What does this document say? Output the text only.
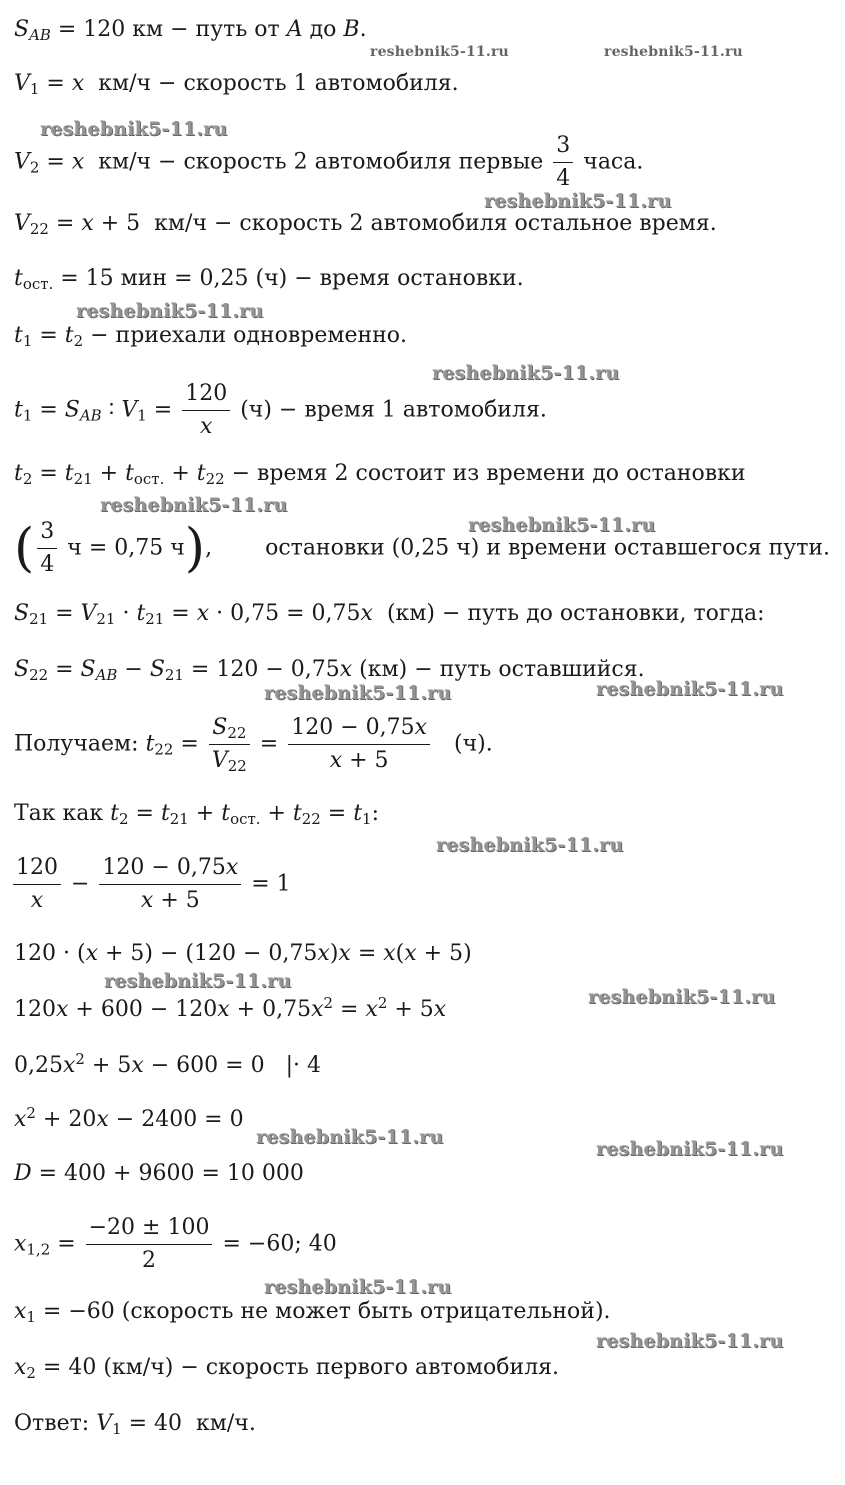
$S_{AB} = 120$ км − путь от A до B.
$V_1 = x$  км/ч − скорость 1 автомобиля.
$V_2 = x$  км/ч − скорость 2 автомобиля первые $\frac{3}{4}$ часа.
$V_{22} = x + 5$  км/ч − скорость 2 автомобиля остальное время.
$t_{ост.} = 15$ мин = 0,25 (ч) − время остановки.
$t_1 = t_2$ − приехали одновременно.
$t_1 = S_{AB}$ ∶ $V_1 = \frac{120}{x} (ч)$ − время 1 автомобиля.
$t_2 = t_{21} + t_{ост.} + t_{22}$ − время 2 состоит из времени до остановки
( $\frac{3}{4}$ ч = 0,75 ч), остановки (0,25 ч) и времени оставшегося пути.
$S_{21} = V_{21} \cdot t_{21} = x \cdot 0,75 = 0,75x$  (км) − путь до остановки, тогда:
$S_{22} = S_{AB} - S_{21} = 120 - 0,75x$ (км) − путь оставшийся.
Получаем: $t_{22} = \frac{S_{22}}{V_{22}} = \frac{120 - 0,75x}{x + 5} (ч)$.
Так как $t_2 = t_{21} + t_{ост.} + t_{22} = t_1$:
$\frac{120}{x} - \frac{120 - 0,75x}{x + 5} = 1$
120 · (x + 5) − (120 − 0,75x)x = x(x + 5)
$120x + 600 - 120x + 0,75x^2 = x^2 + 5x$
$0,25x^2 + 5x - 600 = 0$   |· 4
$x^2 + 20x - 2400 = 0$
D = 400 + 9600 = 10 000
$x_{1,2} = \frac{-20 \pm 100}{2} = -60$; 40
$x_1 = -60$ (скорость не может быть отрицательной).
$x_2 = 40$ (км/ч) − скорость первого автомобиля.
Ответ: $V_1 = 40$  км/ч.
reshebnik5-11.ru	reshebnik5-11.ru
reshebnik5-11.ru
reshebnik5-11.ru
reshebnik5-11.ru
reshebnik5-11.ru
reshebnik5-11.ru
reshebnik5-11.ru
reshebnik5-11.ru	reshebnik5-11.ru
reshebnik5-11.ru
reshebnik5-11.ru
reshebnik5-11.ru
reshebnik5-11.ru
reshebnik5-11.ru
reshebnik5-11.ru
reshebnik5-11.ru
